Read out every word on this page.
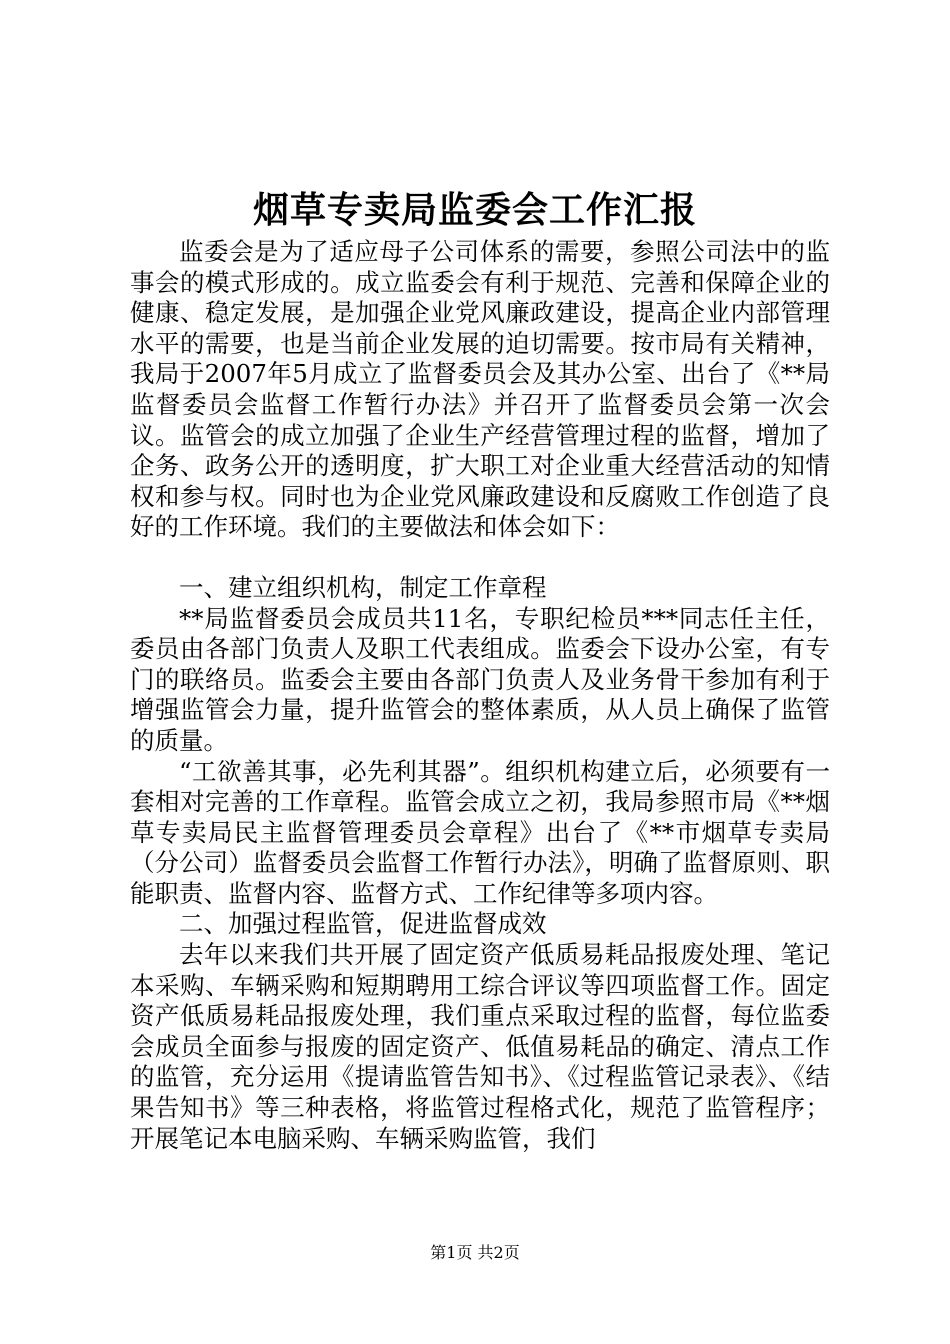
烟草专卖局监委会工作汇报

监委会是为了适应母子公司体系的需要，参照公司法中的监事会的模式形成的。成立监委会有利于规范、完善和保障企业的健康、稳定发展，是加强企业党风廉政建设，提高企业内部管理水平的需要，也是当前企业发展的迫切需要。按市局有关精神，我局于2007年5月成立了监督委员会及其办公室、出台了《**局监督委员会监督工作暂行办法》并召开了监督委员会第一次会议。监管会的成立加强了企业生产经营管理过程的监督，增加了企务、政务公开的透明度，扩大职工对企业重大经营活动的知情权和参与权。同时也为企业党风廉政建设和反腐败工作创造了良好的工作环境。我们的主要做法和体会如下：

一、建立组织机构，制定工作章程

**局监督委员会成员共11名，专职纪检员***同志任主任，委员由各部门负责人及职工代表组成。监委会下设办公室，有专门的联络员。监委会主要由各部门负责人及业务骨干参加有利于增强监管会力量，提升监管会的整体素质，从人员上确保了监管的质量。

“工欲善其事，必先利其器”。组织机构建立后，必须要有一套相对完善的工作章程。监管会成立之初，我局参照市局《**烟草专卖局民主监督管理委员会章程》出台了《**市烟草专卖局（分公司）监督委员会监督工作暂行办法》，明确了监督原则、职能职责、监督内容、监督方式、工作纪律等多项内容。

二、加强过程监管，促进监督成效

去年以来我们共开展了固定资产低质易耗品报废处理、笔记本采购、车辆采购和短期聘用工综合评议等四项监督工作。固定资产低质易耗品报废处理，我们重点采取过程的监督，每位监委会成员全面参与报废的固定资产、低值易耗品的确定、清点工作的监管，充分运用《提请监管告知书》、《过程监管记录表》、《结果告知书》等三种表格，将监管过程格式化，规范了监管程序；开展笔记本电脑采购、车辆采购监管，我们

第1页 共2页
